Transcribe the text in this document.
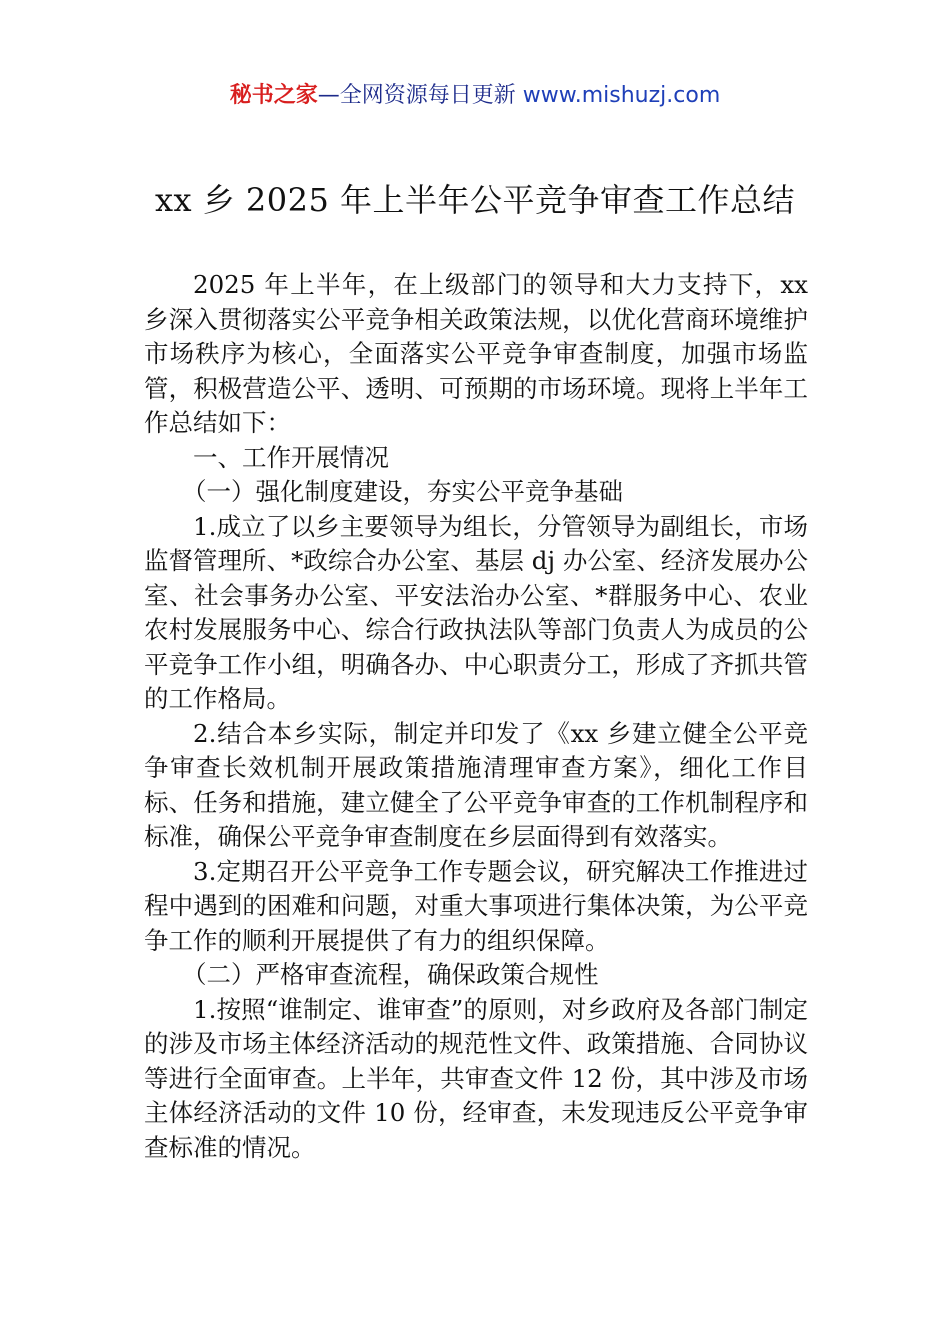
秘书之家—全网资源每日更新 www.mishuzj.com
xx 乡 2025 年上半年公平竞争审查工作总结

2025 年上半年，在上级部门的领导和大力支持下，xx 乡深入贯彻落实公平竞争相关政策法规，以优化营商环境维护市场秩序为核心，全面落实公平竞争审查制度，加强市场监管，积极营造公平、透明、可预期的市场环境。现将上半年工作总结如下：

一、工作开展情况

（一）强化制度建设，夯实公平竞争基础

1.成立了以乡主要领导为组长，分管领导为副组长，市场监督管理所、*政综合办公室、基层 dj 办公室、经济发展办公室、社会事务办公室、平安法治办公室、*群服务中心、农业农村发展服务中心、综合行政执法队等部门负责人为成员的公平竞争工作小组，明确各办、中心职责分工，形成了齐抓共管的工作格局。

2.结合本乡实际，制定并印发了《xx 乡建立健全公平竞争审查长效机制开展政策措施清理审查方案》，细化工作目标、任务和措施，建立健全了公平竞争审查的工作机制程序和标准，确保公平竞争审查制度在乡层面得到有效落实。

3.定期召开公平竞争工作专题会议，研究解决工作推进过程中遇到的困难和问题，对重大事项进行集体决策，为公平竞争工作的顺利开展提供了有力的组织保障。

（二）严格审查流程，确保政策合规性

1.按照“谁制定、谁审查”的原则，对乡政府及各部门制定的涉及市场主体经济活动的规范性文件、政策措施、合同协议等进行全面审查。上半年，共审查文件 12 份，其中涉及市场主体经济活动的文件 10 份，经审查，未发现违反公平竞争审查标准的情况。
